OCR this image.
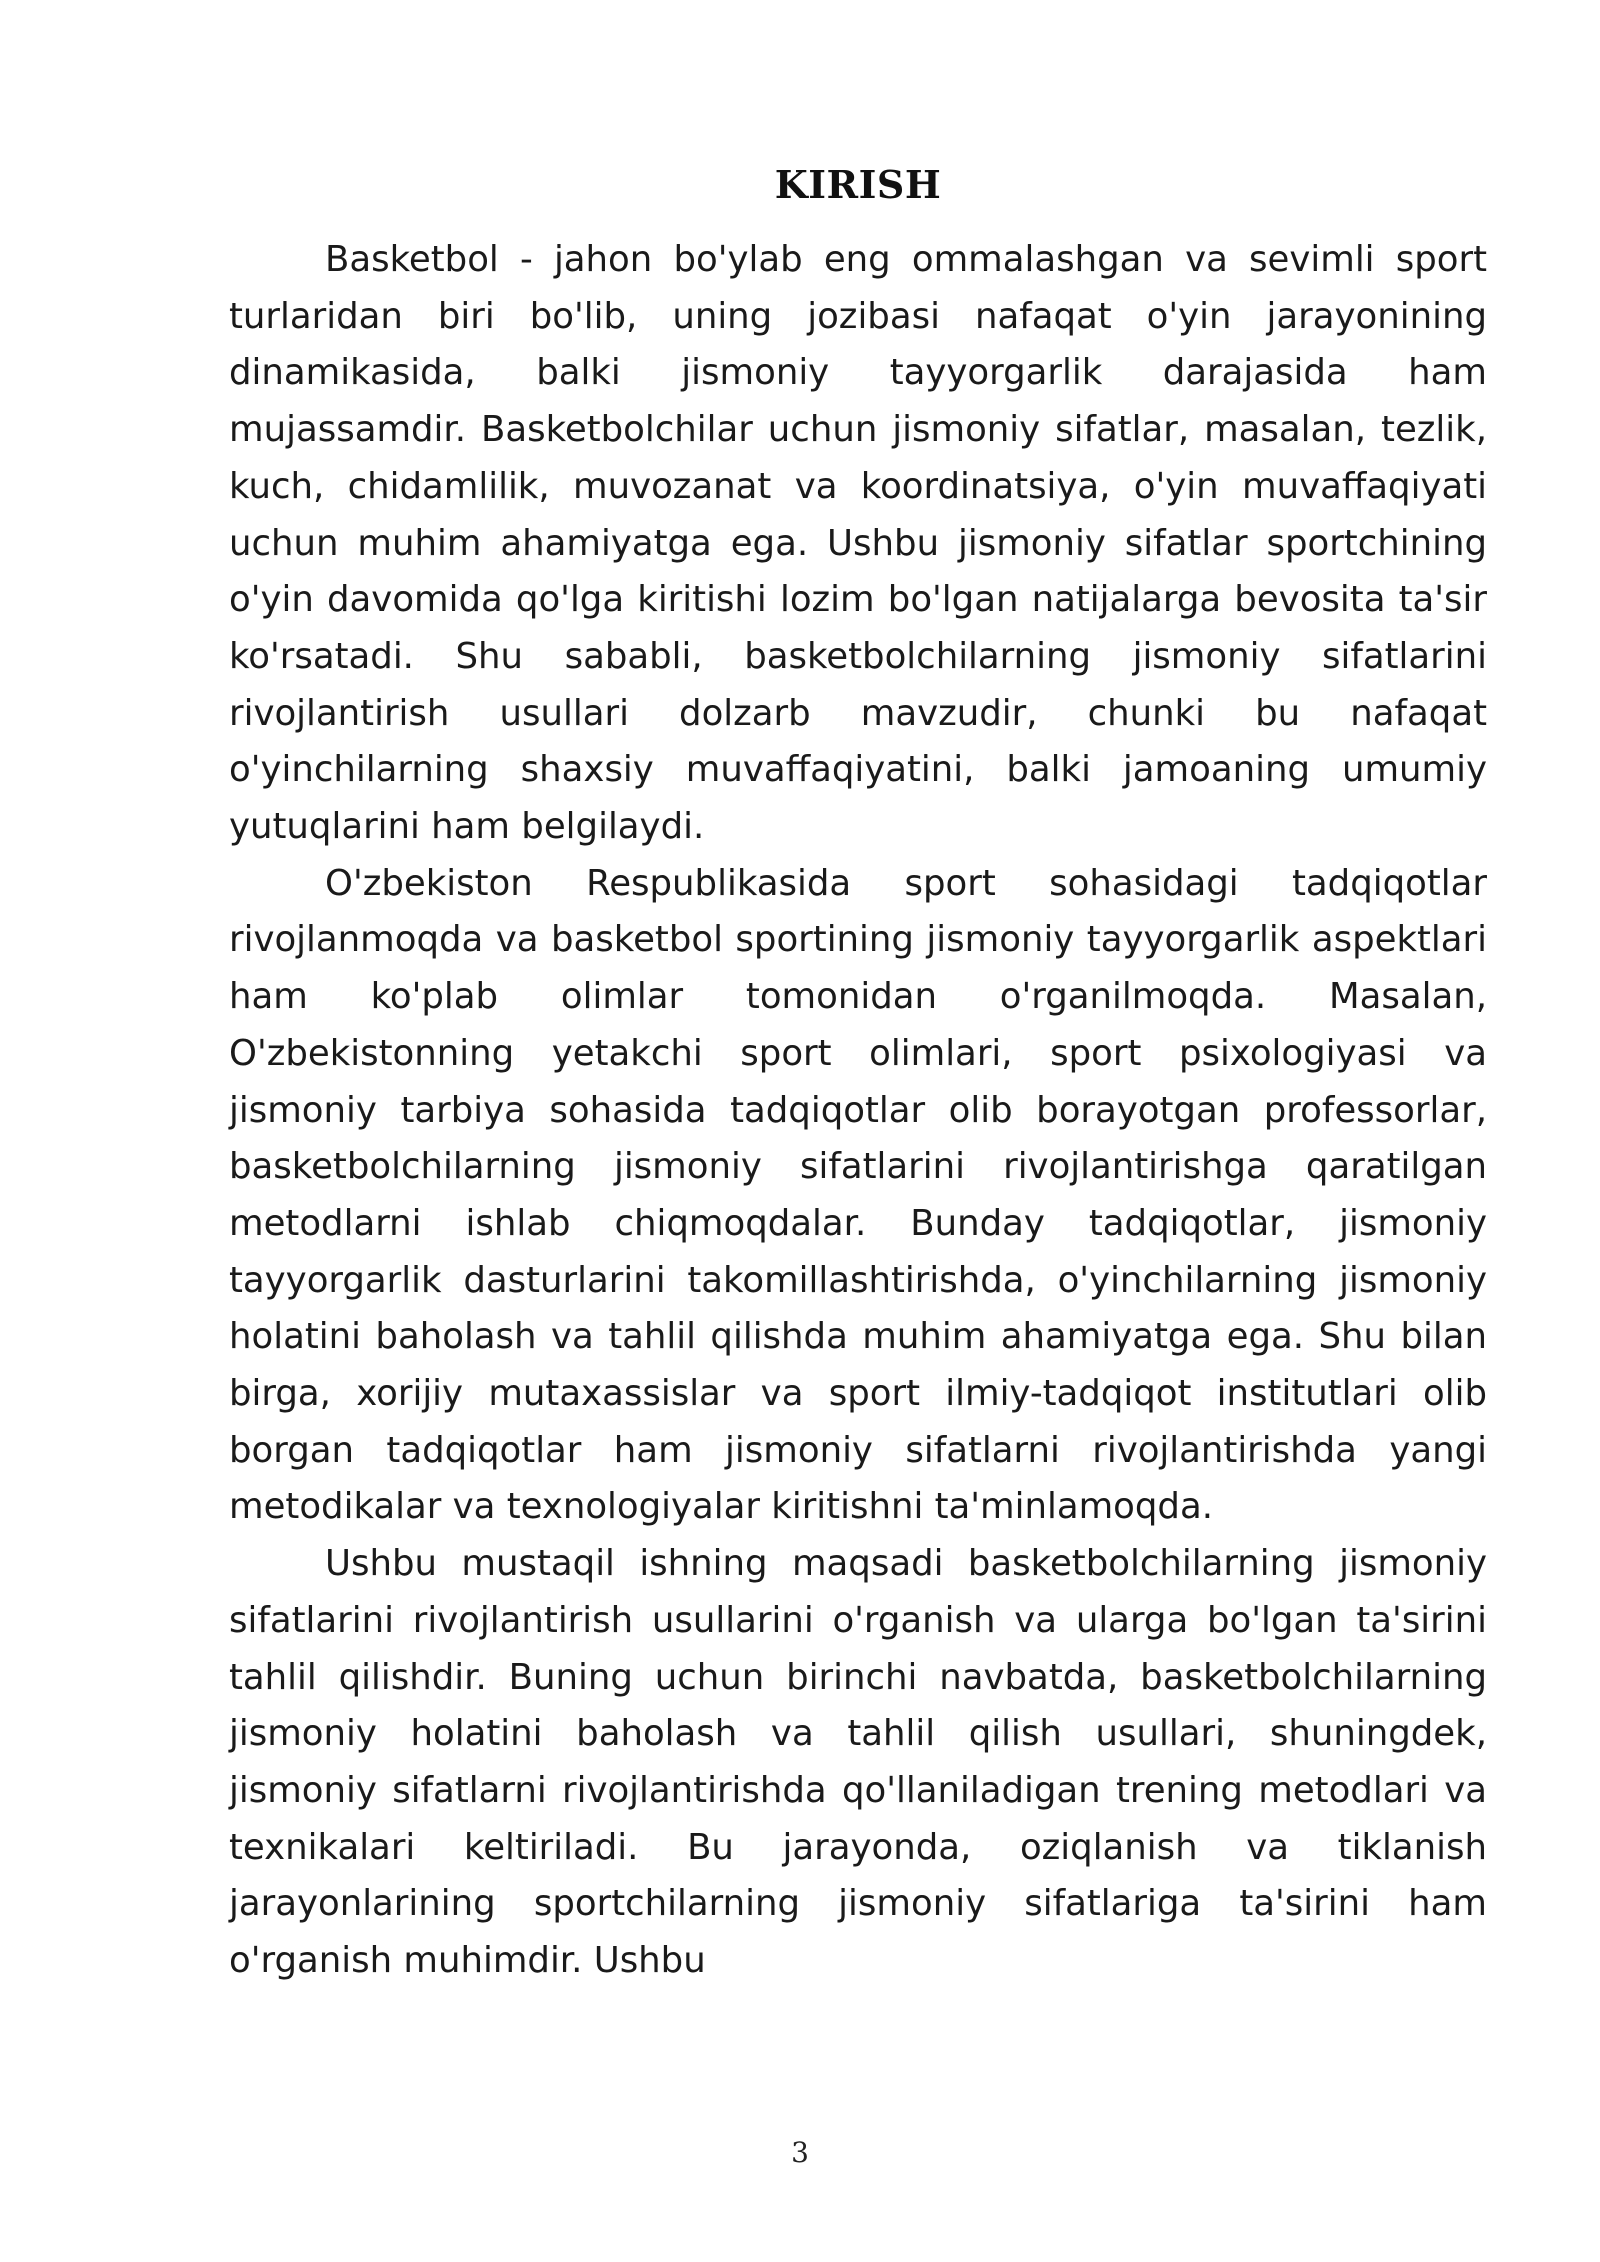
KIRISH

Basketbol - jahon bo'ylab eng ommalashgan va sevimli sport turlaridan biri bo'lib, uning jozibasi nafaqat o'yin jarayonining dinamikasida, balki jismoniy tayyorgarlik darajasida ham mujassamdir. Basketbolchilar uchun jismoniy sifatlar, masalan, tezlik, kuch, chidamlilik, muvozanat va koordinatsiya, o'yin muvaffaqiyati uchun muhim ahamiyatga ega. Ushbu jismoniy sifatlar sportchining o'yin davomida qo'lga kiritishi lozim bo'lgan natijalarga bevosita ta'sir ko'rsatadi. Shu sababli, basketbolchilarning jismoniy sifatlarini rivojlantirish usullari dolzarb mavzudir, chunki bu nafaqat o'yinchilarning shaxsiy muvaffaqiyatini, balki jamoaning umumiy yutuqlarini ham belgilaydi.

O'zbekiston Respublikasida sport sohasidagi tadqiqotlar rivojlanmoqda va basketbol sportining jismoniy tayyorgarlik aspektlari ham ko'plab olimlar tomonidan o'rganilmoqda. Masalan, O'zbekistonning yetakchi sport olimlari, sport psixologiyasi va jismoniy tarbiya sohasida tadqiqotlar olib borayotgan professorlar, basketbolchilarning jismoniy sifatlarini rivojlantirishga qaratilgan metodlarni ishlab chiqmoqdalar. Bunday tadqiqotlar, jismoniy tayyorgarlik dasturlarini takomillashtirishda, o'yinchilarning jismoniy holatini baholash va tahlil qilishda muhim ahamiyatga ega. Shu bilan birga, xorijiy mutaxassislar va sport ilmiy-tadqiqot institutlari olib borgan tadqiqotlar ham jismoniy sifatlarni rivojlantirishda yangi metodikalar va texnologiyalar kiritishni ta'minlamoqda.

Ushbu mustaqil ishning maqsadi basketbolchilarning jismoniy sifatlarini rivojlantirish usullarini o'rganish va ularga bo'lgan ta'sirini tahlil qilishdir. Buning uchun birinchi navbatda, basketbolchilarning jismoniy holatini baholash va tahlil qilish usullari, shuningdek, jismoniy sifatlarni rivojlantirishda qo'llaniladigan trening metodlari va texnikalari keltiriladi. Bu jarayonda, oziqlanish va tiklanish jarayonlarining sportchilarning jismoniy sifatlariga ta'sirini ham o'rganish muhimdir. Ushbu

3
